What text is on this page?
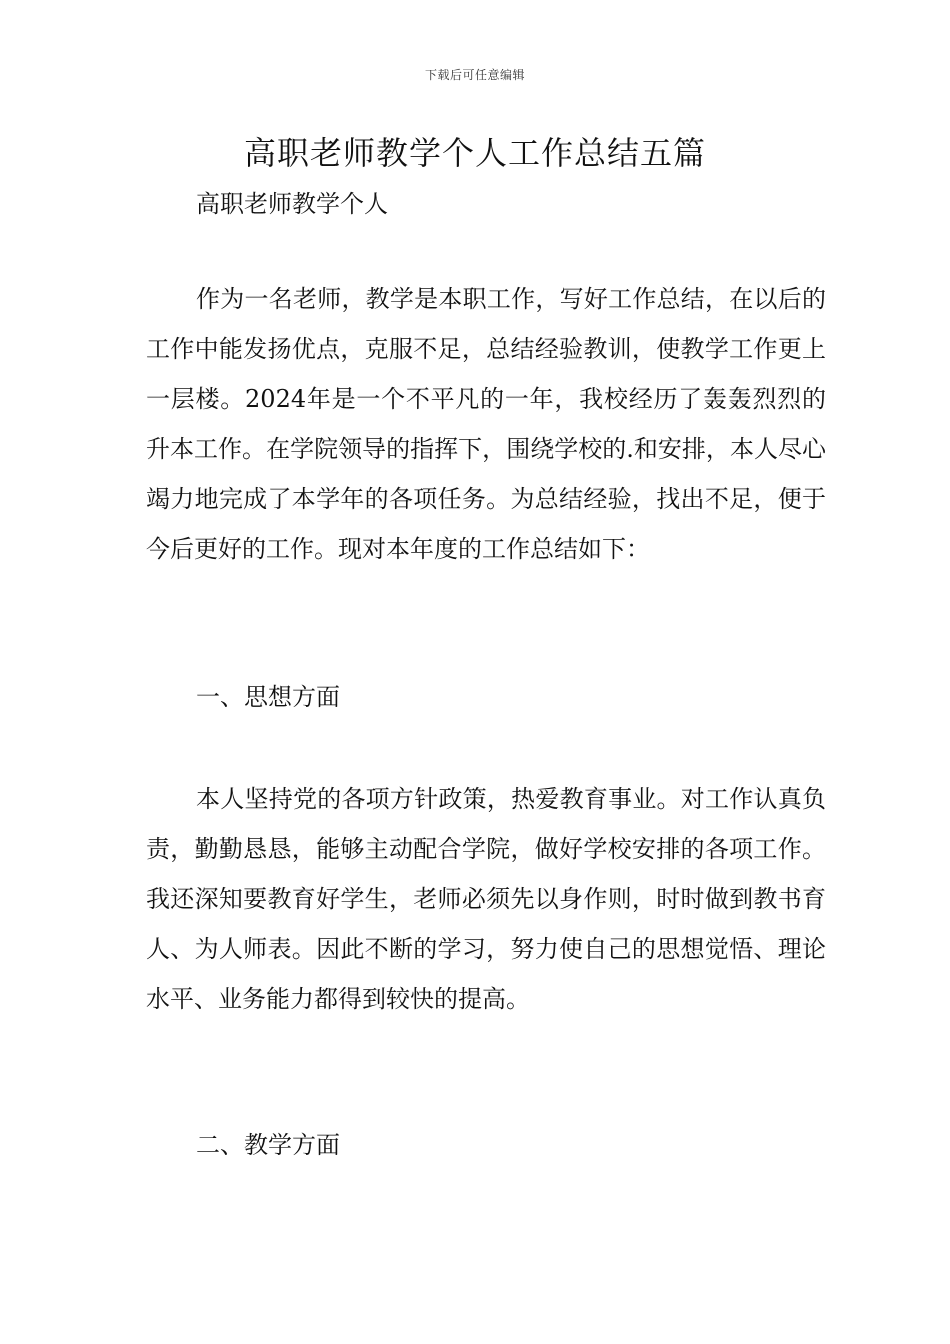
下载后可任意编辑
高职老师教学个人工作总结五篇

高职老师教学个人

作为一名老师，教学是本职工作，写好工作总结，在以后的工作中能发扬优点，克服不足，总结经验教训，使教学工作更上一层楼。2024年是一个不平凡的一年，我校经历了轰轰烈烈的升本工作。在学院领导的指挥下，围绕学校的.和安排，本人尽心竭力地完成了本学年的各项任务。为总结经验，找出不足，便于今后更好的工作。现对本年度的工作总结如下：

一、思想方面

本人坚持党的各项方针政策，热爱教育事业。对工作认真负责，勤勤恳恳，能够主动配合学院，做好学校安排的各项工作。我还深知要教育好学生，老师必须先以身作则，时时做到教书育人、为人师表。因此不断的学习，努力使自己的思想觉悟、理论水平、业务能力都得到较快的提高。

二、教学方面
